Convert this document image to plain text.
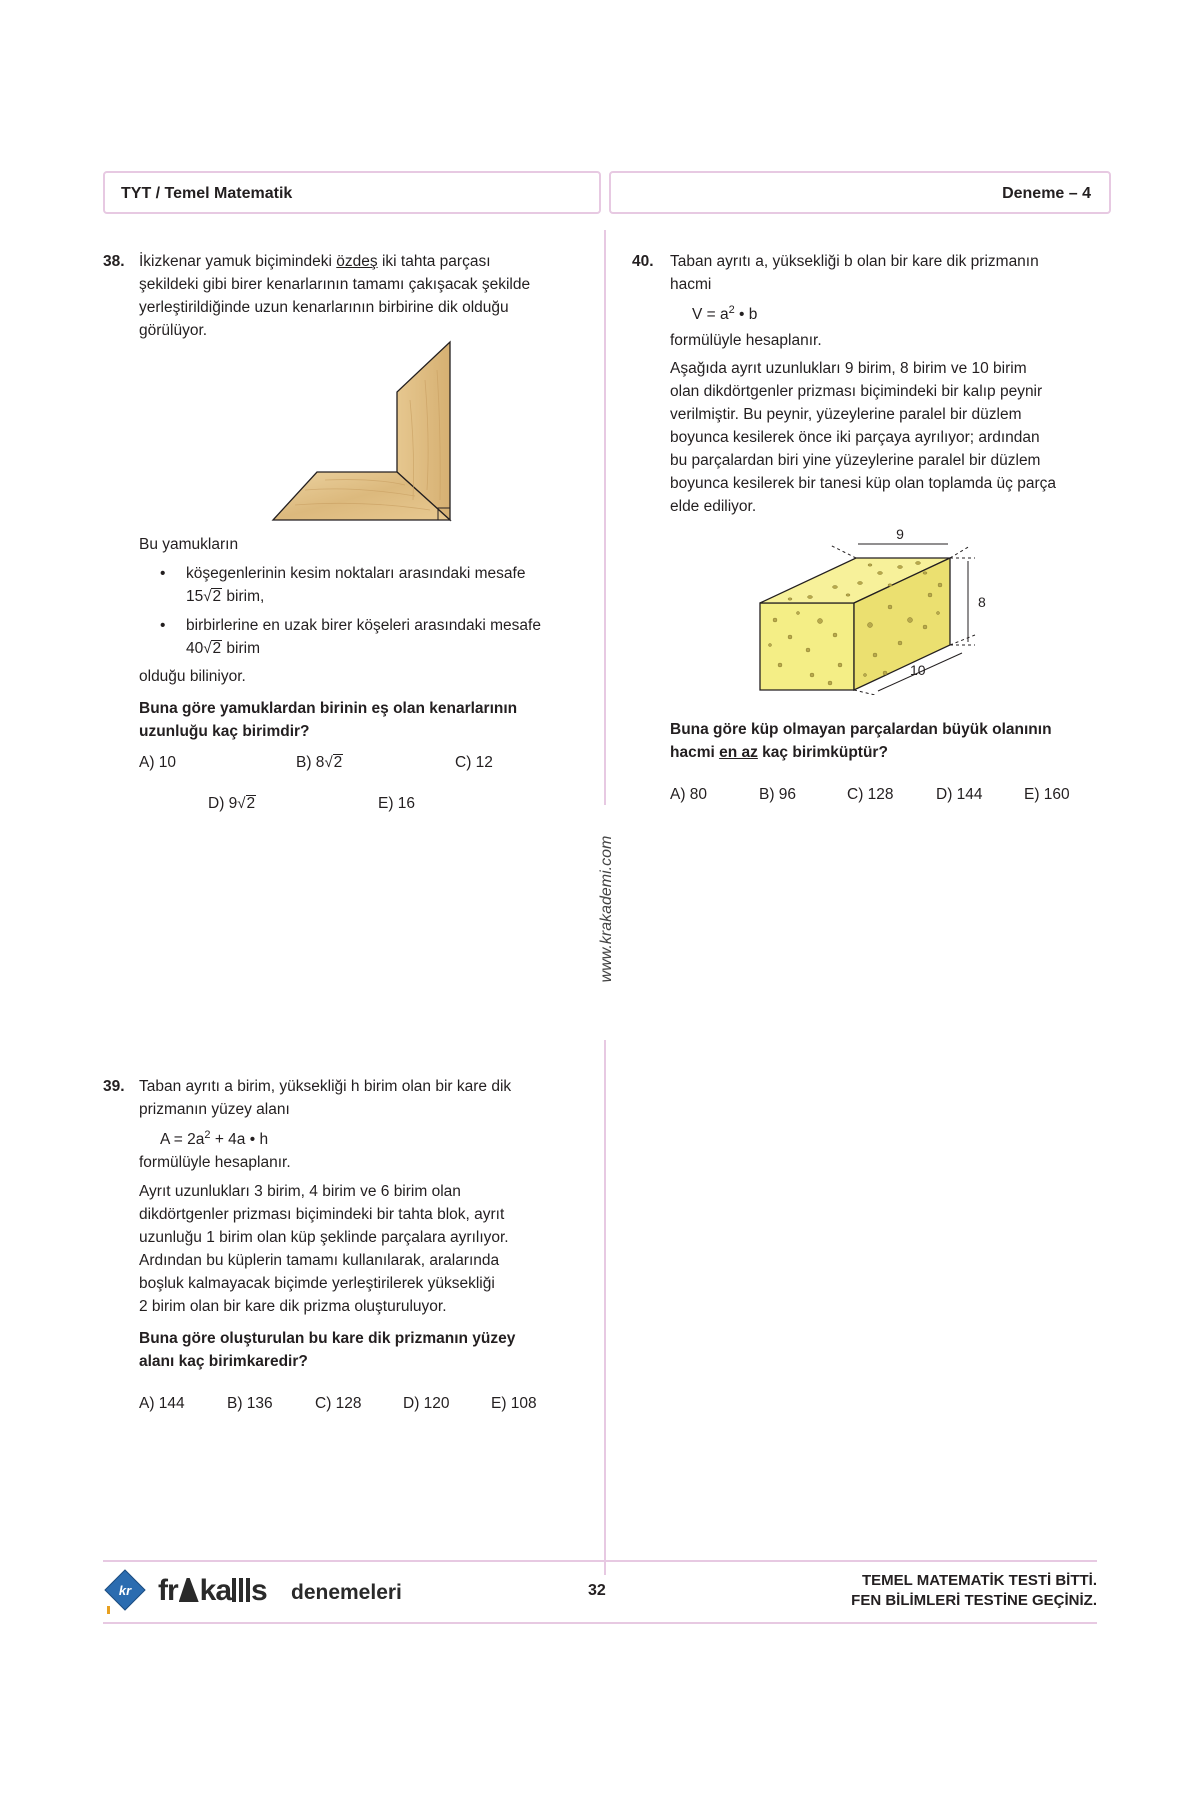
TYT / Temel Matematik	Deneme – 4
www.krakademi.com
38. İkizkenar yamuk biçimindeki özdeş iki tahta parçası
şekildeki gibi birer kenarlarının tamamı çakışacak şekilde
yerleştirildiğinde uzun kenarlarının birbirine dik olduğu
görülüyor.
Bu yamukların
• köşegenlerinin kesim noktaları arasındaki mesafe
15√2 birim,
• birbirlerine en uzak birer köşeleri arasındaki mesafe
40√2 birim
olduğu biliniyor.
Buna göre yamuklardan birinin eş olan kenarlarının
uzunluğu kaç birimdir?
A) 10	B) 8√2	C) 12
D) 9√2	E) 16
39. Taban ayrıtı a birim, yüksekliği h birim olan bir kare dik
prizmanın yüzey alanı
$A = 2a^2 + 4a$ • h
formülüyle hesaplanır.
Ayrıt uzunlukları 3 birim, 4 birim ve 6 birim olan
dikdörtgenler prizması biçimindeki bir tahta blok, ayrıt
uzunluğu 1 birim olan küp şeklinde parçalara ayrılıyor.
Ardından bu küplerin tamamı kullanılarak, aralarında
boşluk kalmayacak biçimde yerleştirilerek yüksekliği
2 birim olan bir kare dik prizma oluşturuluyor.
Buna göre oluşturulan bu kare dik prizmanın yüzey
alanı kaç birimkaredir?
A) 144	B) 136	C) 128	D) 120	E) 108
40. Taban ayrıtı a, yüksekliği b olan bir kare dik prizmanın
hacmi
$V = a^2$ • b
formülüyle hesaplanır.
Aşağıda ayrıt uzunlukları 9 birim, 8 birim ve 10 birim
olan dikdörtgenler prizması biçimindeki bir kalıp peynir
verilmiştir. Bu peynir, yüzeylerine paralel bir düzlem
boyunca kesilerek önce iki parçaya ayrılıyor; ardından
bu parçalardan biri yine yüzeylerine paralel bir düzlem
boyunca kesilerek bir tanesi küp olan toplamda üç parça
elde ediliyor.
9
8
10
Buna göre küp olmayan parçalardan büyük olanının
hacmi en az kaç birimküptür?
A) 80	B) 96	C) 128	D) 144	E) 160
kr fr ka s denemeleri	32
TEMEL MATEMATİK TESTİ BİTTİ.
FEN BİLİMLERİ TESTİNE GEÇİNİZ.
